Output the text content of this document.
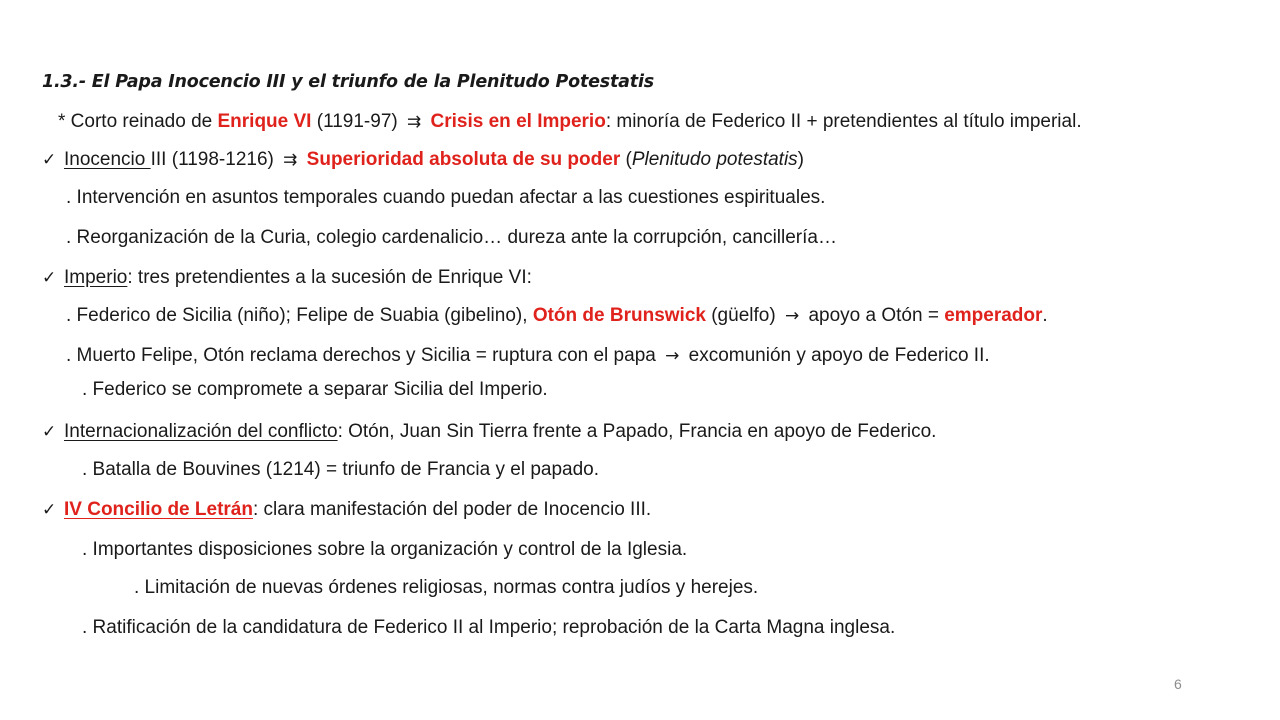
1.3.- El Papa Inocencio III y el triunfo de la Plenitudo Potestatis
* Corto reinado de Enrique VI (1191-97) ⇉ Crisis en el Imperio: minoría de Federico II + pretendientes al título imperial.
✓ Inocencio III (1198-1216) ⇉ Superioridad absoluta de su poder (Plenitudo potestatis)
. Intervención en asuntos temporales cuando puedan afectar a las cuestiones espirituales.
. Reorganización de la Curia, colegio cardenalicio… dureza ante la corrupción, cancillería…
✓ Imperio: tres pretendientes a la sucesión de Enrique VI:
. Federico de Sicilia (niño); Felipe de Suabia (gibelino), Otón de Brunswick (güelfo) → apoyo a Otón = emperador.
. Muerto Felipe, Otón reclama derechos y Sicilia = ruptura con el papa → excomunión y apoyo de Federico II.
. Federico se compromete a separar Sicilia del Imperio.
✓ Internacionalización del conflicto: Otón, Juan Sin Tierra frente a Papado, Francia en apoyo de Federico.
. Batalla de Bouvines (1214) = triunfo de Francia y el papado.
✓ IV Concilio de Letrán: clara manifestación del poder de Inocencio III.
. Importantes disposiciones sobre la organización y control de la Iglesia.
. Limitación de nuevas órdenes religiosas, normas contra judíos y herejes.
. Ratificación de la candidatura de Federico II al Imperio; reprobación de la Carta Magna inglesa.
6
